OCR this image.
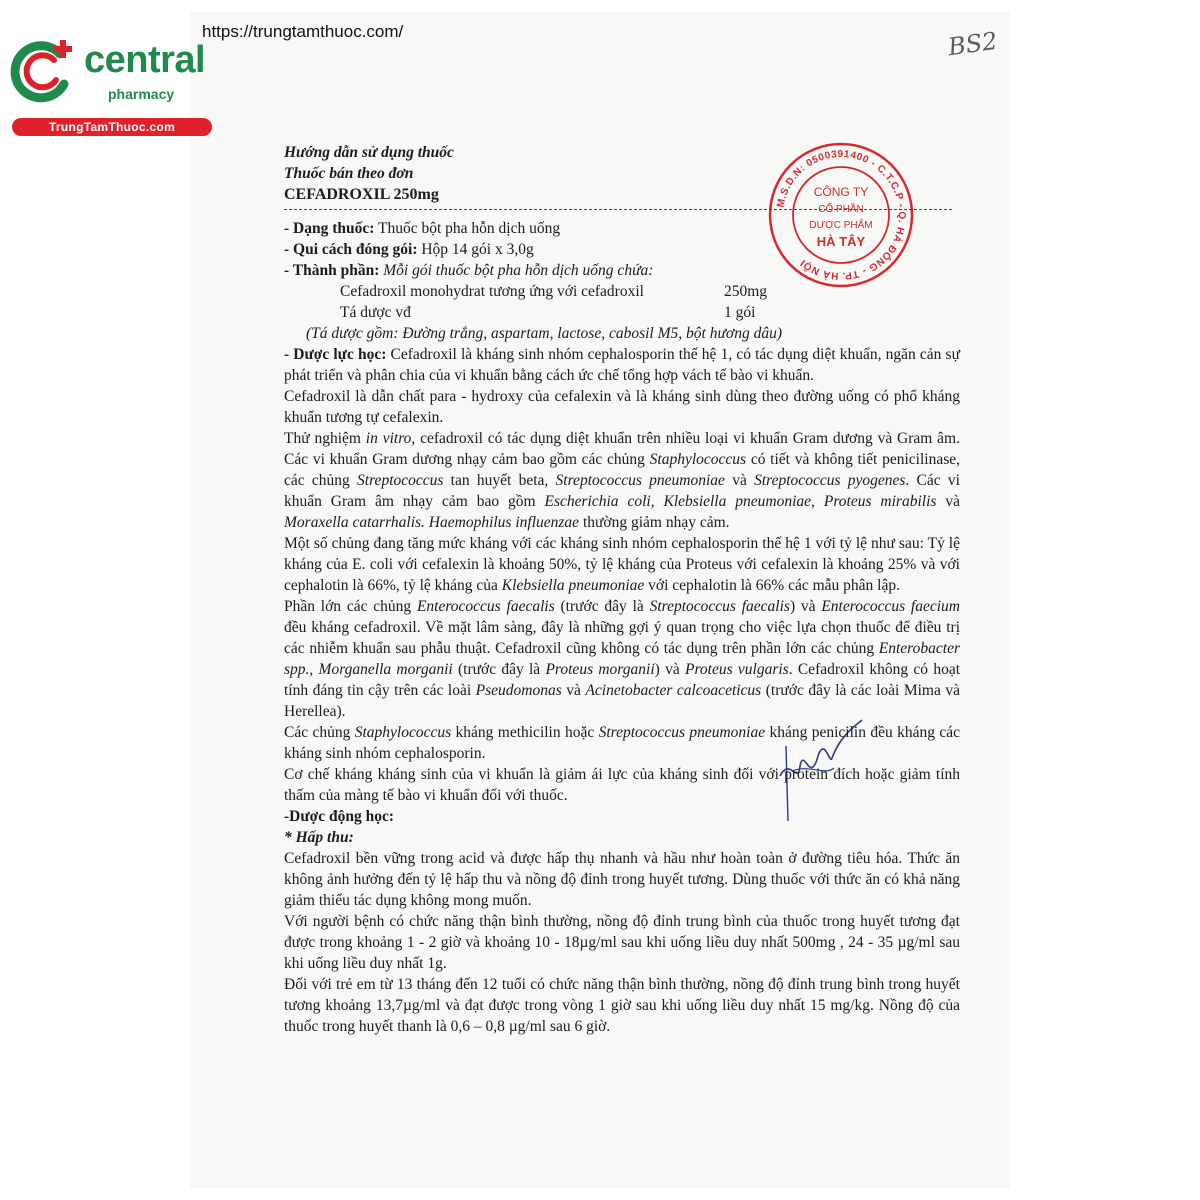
central
pharmacy
TrungTamThuoc.com
https://trungtamthuoc.com/	BS2
M.S.D.N: 0500391400 - C.T.C.P - Q. HÀ ĐÔNG - TP. HÀ NỘI
CÔNG TY
CỔ PHẦN
DƯỢC PHẨM
HÀ TÂY
Hướng dẫn sử dụng thuốc
Thuốc bán theo đơn
CEFADROXIL 250mg

- Dạng thuốc: Thuốc bột pha hỗn dịch uống

- Qui cách đóng gói: Hộp 14 gói x 3,0g

- Thành phần: Mỗi gói thuốc bột pha hỗn dịch uống chứa:

Cefadroxil monohydrat tương ứng với cefadroxil	250mg
Tá dược vđ	1 gói

(Tá dược gồm: Đường trắng, aspartam, lactose, cabosil M5, bột hương dâu)

- Dược lực học: Cefadroxil là kháng sinh nhóm cephalosporin thế hệ 1, có tác dụng diệt khuẩn, ngăn cản sự phát triển và phân chia của vi khuẩn bằng cách ức chế tổng hợp vách tế bào vi khuẩn.

Cefadroxil là dẫn chất para - hydroxy của cefalexin và là kháng sinh dùng theo đường uống có phổ kháng khuẩn tương tự cefalexin.

Thử nghiệm in vitro, cefadroxil có tác dụng diệt khuẩn trên nhiều loại vi khuẩn Gram dương và Gram âm. Các vi khuẩn Gram dương nhạy cảm bao gồm các chủng Staphylococcus có tiết và không tiết penicilinase, các chủng Streptococcus tan huyết beta, Streptococcus pneumoniae và Streptococcus pyogenes. Các vi khuẩn Gram âm nhạy cảm bao gồm Escherichia coli, Klebsiella pneumoniae, Proteus mirabilis và Moraxella catarrhalis. Haemophilus influenzae thường giảm nhạy cảm.

Một số chủng đang tăng mức kháng với các kháng sinh nhóm cephalosporin thế hệ 1 với tỷ lệ như sau: Tỷ lệ kháng của E. coli với cefalexin là khoảng 50%, tỷ lệ kháng của Proteus với cefalexin là khoảng 25% và với cephalotin là 66%, tỷ lệ kháng của Klebsiella pneumoniae với cephalotin là 66% các mẫu phân lập.

Phần lớn các chủng Enterococcus faecalis (trước đây là Streptococcus faecalis) và Enterococcus faecium đều kháng cefadroxil. Về mặt lâm sàng, đây là những gợi ý quan trọng cho việc lựa chọn thuốc để điều trị các nhiễm khuẩn sau phẫu thuật. Cefadroxil cũng không có tác dụng trên phần lớn các chủng Enterobacter spp., Morganella morganii (trước đây là Proteus morganii) và Proteus vulgaris. Cefadroxil không có hoạt tính đáng tin cậy trên các loài Pseudomonas và Acinetobacter calcoaceticus (trước đây là các loài Mima và Herellea).

Các chủng Staphylococcus kháng methicilin hoặc Streptococcus pneumoniae kháng penicilin đều kháng các kháng sinh nhóm cephalosporin.

Cơ chế kháng kháng sinh của vi khuẩn là giảm ái lực của kháng sinh đối với protein đích hoặc giảm tính thấm của màng tế bào vi khuẩn đối với thuốc.

-Dược động học:

* Hấp thu:

Cefadroxil bền vững trong acid và được hấp thụ nhanh và hầu như hoàn toàn ở đường tiêu hóa. Thức ăn không ảnh hưởng đến tỷ lệ hấp thu và nồng độ đỉnh trong huyết tương. Dùng thuốc với thức ăn có khả năng giảm thiểu tác dụng không mong muốn.

Với người bệnh có chức năng thận bình thường, nồng độ đỉnh trung bình của thuốc trong huyết tương đạt được trong khoảng 1 - 2 giờ và khoảng 10 - 18µg/ml sau khi uống liều duy nhất 500mg , 24 - 35 µg/ml sau khi uống liều duy nhất 1g.

Đối với trẻ em từ 13 tháng đến 12 tuổi có chức năng thận bình thường, nồng độ đỉnh trung bình trong huyết tương khoảng 13,7µg/ml và đạt được trong vòng 1 giờ sau khi uống liều duy nhất 15 mg/kg. Nồng độ của thuốc trong huyết thanh là 0,6 – 0,8 µg/ml sau 6 giờ.
